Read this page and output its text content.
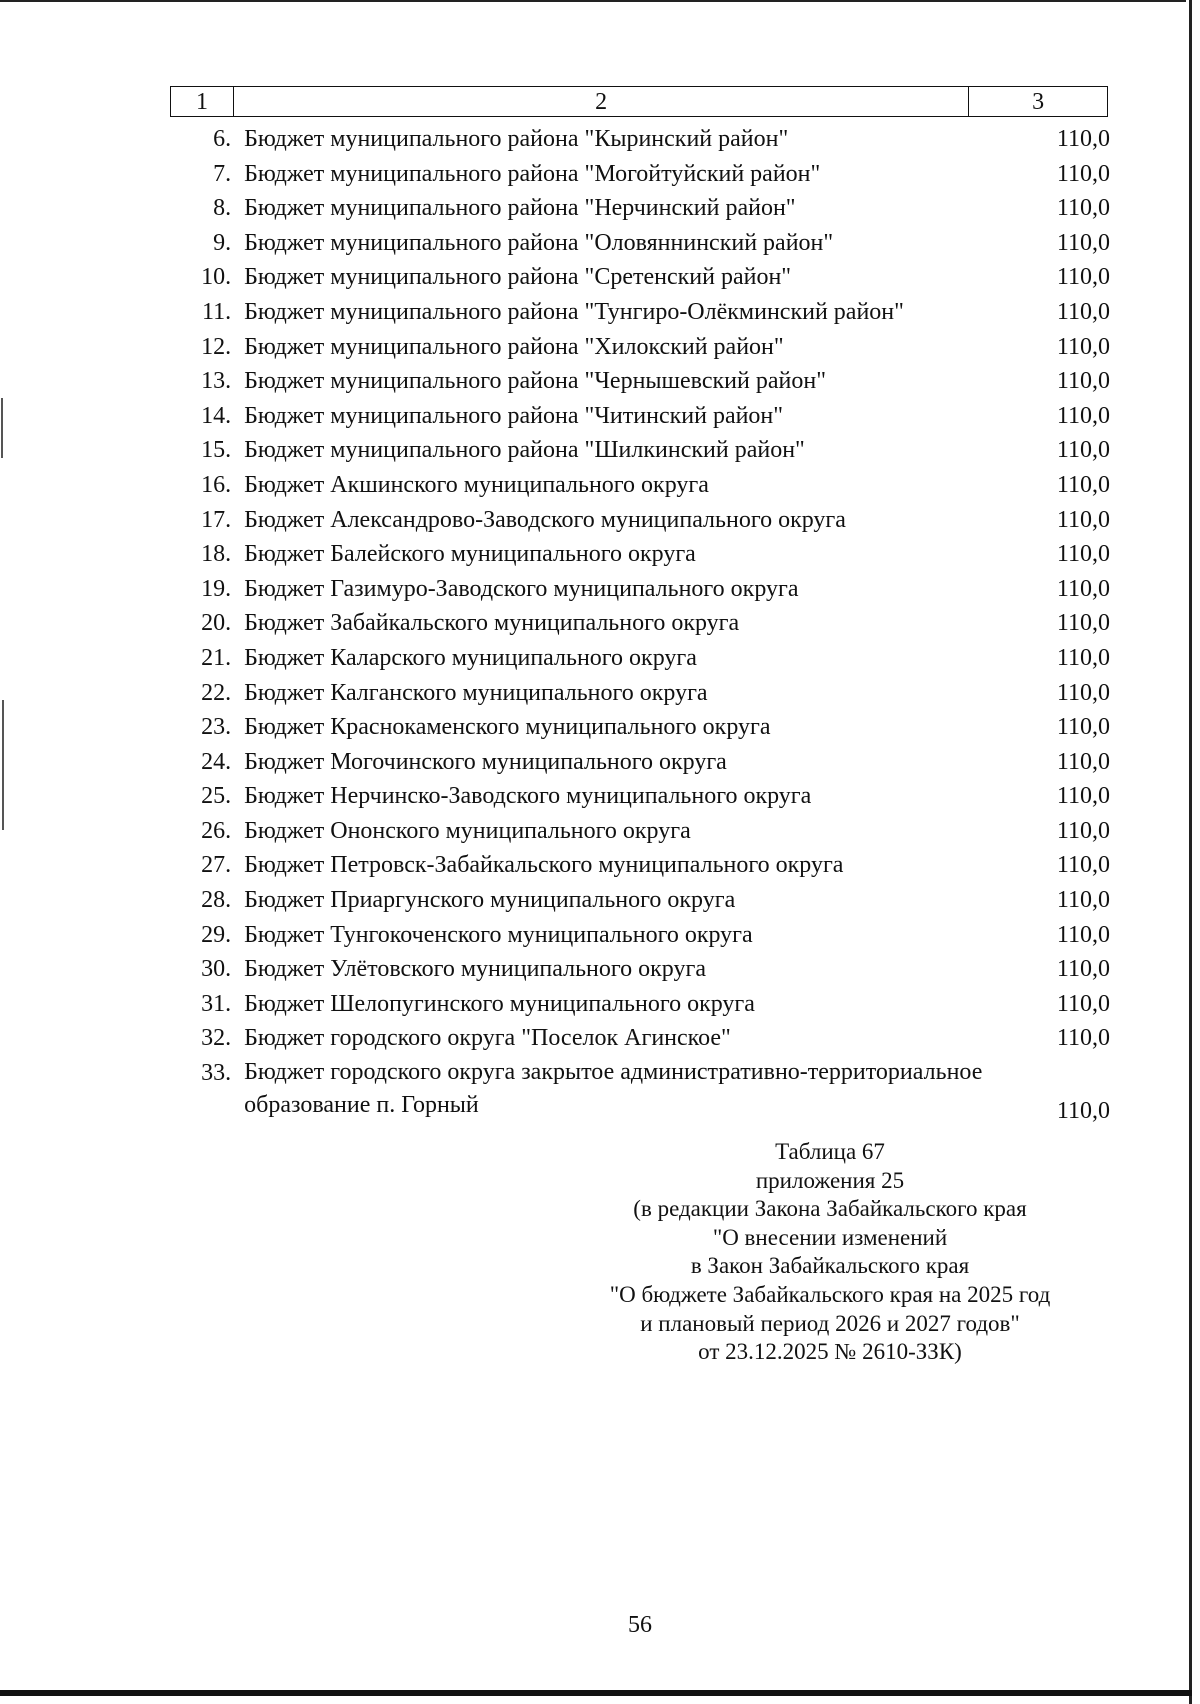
1	2	3
6. Бюджет муниципального района "Кыринский район"	110,0
7. Бюджет муниципального района "Могойтуйский район"	110,0
8. Бюджет муниципального района "Нерчинский район"	110,0
9. Бюджет муниципального района "Оловяннинский район"	110,0
10. Бюджет муниципального района "Сретенский район"	110,0
11. Бюджет муниципального района "Тунгиро-Олёкминский район"	110,0
12. Бюджет муниципального района "Хилокский район"	110,0
13. Бюджет муниципального района "Чернышевский район"	110,0
14. Бюджет муниципального района "Читинский район"	110,0
15. Бюджет муниципального района "Шилкинский район"	110,0
16. Бюджет Акшинского муниципального округа	110,0
17. Бюджет Александрово-Заводского муниципального округа	110,0
18. Бюджет Балейского муниципального округа	110,0
19. Бюджет Газимуро-Заводского муниципального округа	110,0
20. Бюджет Забайкальского муниципального округа	110,0
21. Бюджет Каларского муниципального округа	110,0
22. Бюджет Калганского муниципального округа	110,0
23. Бюджет Краснокаменского муниципального округа	110,0
24. Бюджет Могочинского муниципального округа	110,0
25. Бюджет Нерчинско-Заводского муниципального округа	110,0
26. Бюджет Ононского муниципального округа	110,0
27. Бюджет Петровск-Забайкальского муниципального округа	110,0
28. Бюджет Приаргунского муниципального округа	110,0
29. Бюджет Тунгокоченского муниципального округа	110,0
30. Бюджет Улётовского муниципального округа	110,0
31. Бюджет Шелопугинского муниципального округа	110,0
32. Бюджет городского округа "Поселок Агинское"	110,0
33. Бюджет городского округа закрытое административно-территориальное образование п. Горный	110,0
Таблица 67
приложения 25
(в редакции Закона Забайкальского края
"О внесении изменений
в Закон Забайкальского края
"О бюджете Забайкальского края на 2025 год
и плановый период 2026 и 2027 годов"
от 23.12.2025 № 2610-ЗЗК)
56
